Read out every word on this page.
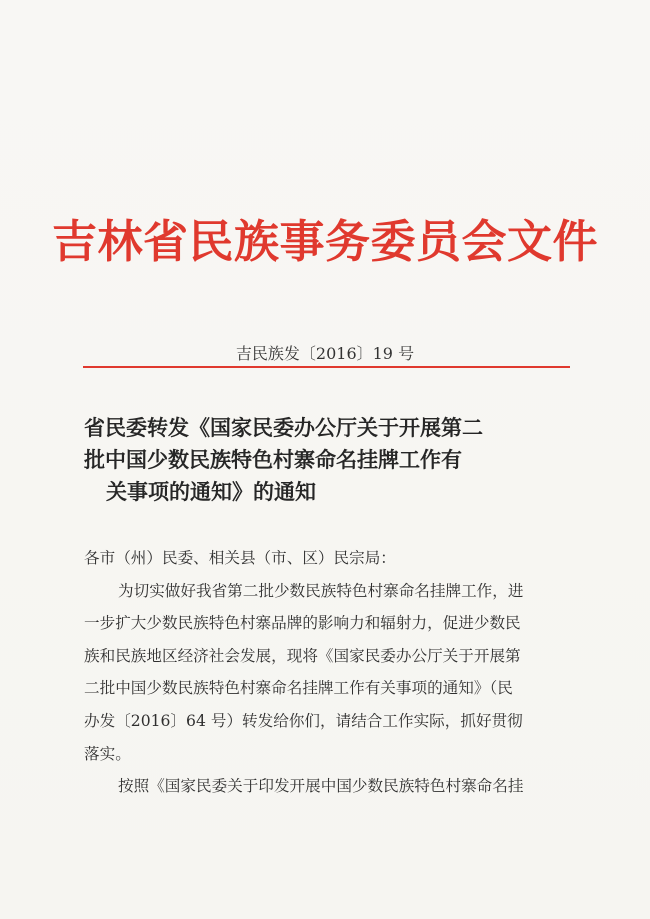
吉林省民族事务委员会文件
吉民族发〔2016〕19 号
省民委转发《国家民委办公厅关于开展第二
批中国少数民族特色村寨命名挂牌工作有
关事项的通知》的通知
各市（州）民委、相关县（市、区）民宗局：
为切实做好我省第二批少数民族特色村寨命名挂牌工作，进
一步扩大少数民族特色村寨品牌的影响力和辐射力，促进少数民
族和民族地区经济社会发展，现将《国家民委办公厅关于开展第
二批中国少数民族特色村寨命名挂牌工作有关事项的通知》（民
办发〔2016〕64 号）转发给你们，请结合工作实际，抓好贯彻
落实。
按照《国家民委关于印发开展中国少数民族特色村寨命名挂
